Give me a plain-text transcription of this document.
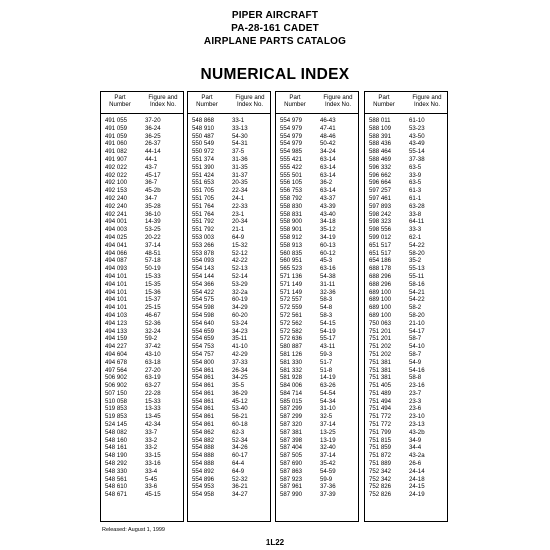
PIPER AIRCRAFT
PA-28-161 CADET
AIRPLANE PARTS CATALOG
NUMERICAL INDEX
Part
Number
Figure and
Index No.
491 055	37-20
491 059	36-24
491 059	36-25
491 060	26-37
491 082	44-14
491 907	44-1
492 022	43-7
492 022	45-17
492 100	36-7
492 153	45-2b
492 240	34-7
492 240	35-28
492 241	36-10
494 001	14-39
494 003	53-25
494 025	20-22
494 041	37-14
494 066	48-51
494 087	57-18
494 093	50-19
494 101	15-33
494 101	15-35
494 101	15-36
494 101	15-37
494 101	25-15
494 103	46-67
494 123	52-36
494 133	32-24
494 159	59-2
494 227	37-42
494 604	43-10
494 678	63-18
497 564	27-20
506 902	63-19
506 902	63-27
507 150	22-28
510 058	15-33
519 853	13-33
519 853	13-45
524 145	42-34
548 082	33-7
548 160	33-2
548 161	33-2
548 190	33-15
548 292	33-16
548 330	33-4
548 561	5-45
548 610	33-6
548 671	45-15
Part
Number
Figure and
Index No.
548 868	33-1
548 910	33-13
550 487	54-30
550 549	54-31
550 972	37-5
551 374	31-36
551 390	31-35
551 424	31-37
551 653	20-35
551 705	22-34
551 705	24-1
551 764	22-33
551 764	23-1
551 792	20-34
551 792	21-1
553 003	64-9
553 266	15-32
553 878	52-12
554 093	42-22
554 143	52-13
554 144	52-14
554 366	53-29
554 422	32-2a
554 575	60-19
554 598	34-29
554 598	60-20
554 640	53-24
554 659	34-23
554 659	35-11
554 753	41-10
554 757	42-29
554 800	37-33
554 861	26-34
554 861	34-25
554 861	35-5
554 861	36-29
554 861	45-12
554 861	53-40
554 861	56-21
554 861	60-18
554 862	62-3
554 882	52-34
554 888	34-26
554 888	60-17
554 888	64-4
554 892	64-9
554 896	52-32
554 953	36-21
554 958	34-27
Part
Number
Figure and
Index No.
554 979	46-43
554 979	47-41
554 979	48-46
554 979	50-42
554 985	34-24
555 421	63-14
555 422	63-14
555 501	63-14
556 105	36-2
556 753	63-14
558 792	43-37
558 830	43-39
558 831	43-40
558 900	34-18
558 901	35-12
558 912	34-19
558 913	60-13
560 835	60-12
560 951	45-3
565 523	63-16
571 136	54-38
571 149	31-11
571 149	32-36
572 557	58-3
572 559	54-8
572 561	58-3
572 562	54-15
572 582	54-19
572 636	55-17
580 887	43-11
581 126	59-3
581 330	51-7
581 332	51-8
581 928	14-19
584 006	63-26
584 714	54-54
585 015	54-34
587 299	31-10
587 299	32-5
587 320	37-14
587 381	13-25
587 398	13-19
587 404	32-40
587 505	37-14
587 690	35-42
587 863	54-59
587 923	59-9
587 961	37-36
587 990	37-39
Part
Number
Figure and
Index No.
588 011	61-10
588 109	53-23
588 391	43-50
588 436	43-49
588 464	55-14
588 469	37-38
596 332	63-5
596 662	33-9
596 664	63-5
597 257	61-3
597 461	61-1
597 893	63-28
598 242	33-8
598 323	64-11
598 556	33-3
599 012	62-1
651 517	54-22
651 517	58-20
654 186	35-2
688 178	55-13
688 296	55-11
688 296	58-16
689 100	54-21
689 100	54-22
689 100	58-2
689 100	58-20
750 063	21-10
751 201	54-17
751 201	58-7
751 202	54-10
751 202	58-7
751 381	54-9
751 381	54-16
751 381	58-8
751 405	23-16
751 489	23-7
751 494	23-3
751 494	23-6
751 772	23-10
751 772	23-13
751 799	43-2b
751 815	34-9
751 859	34-4
751 872	43-2a
751 889	26-6
752 342	24-14
752 342	24-18
752 826	24-15
752 826	24-19
Released: August 1, 1999
1L22
